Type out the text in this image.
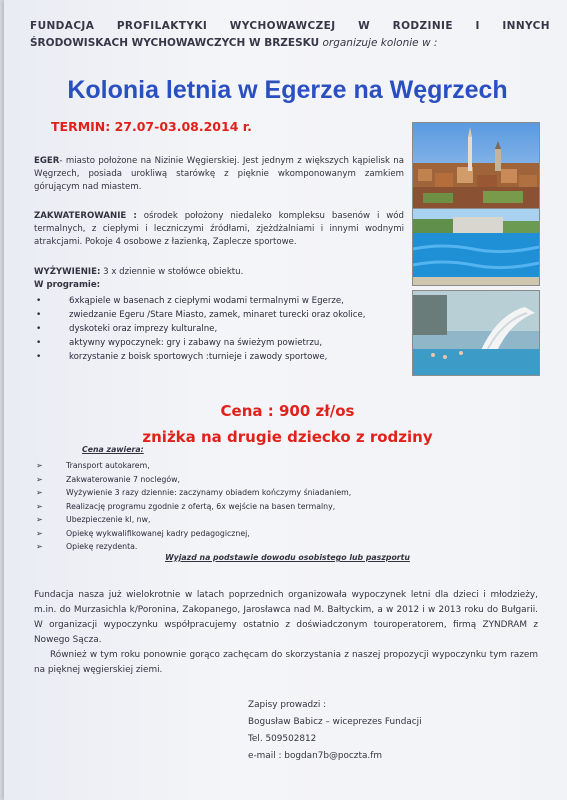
FUNDACJA PROFILAKTYKI WYCHOWAWCZEJ W RODZINIE I INNYCH
ŚRODOWISKACH WYCHOWAWCZYCH W BRZESKU organizuje kolonie w :
Kolonia letnia w Egerze na Węgrzech
TERMIN: 27.07-03.08.2014 r.
EGER- miasto położone na Nizinie Węgierskiej. Jest jednym z większych kąpielisk na Węgrzech, posiada urokliwą starówkę z pięknie wkomponowanym zamkiem górującym nad miastem.
ZAKWATEROWANIE : ośrodek położony niedaleko kompleksu basenów i wód termalnych, z ciepłymi i leczniczymi źródłami, zjeżdżalniami i innymi wodnymi atrakcjami. Pokoje 4 osobowe z łazienką, Zaplecze sportowe.
WYŻYWIENIE: 3 x dziennie w stołówce obiektu.
W programie:
• 6xkąpiele w basenach z ciepłymi wodami termalnymi w Egerze,
• zwiedzanie Egeru /Stare Miasto, zamek, minaret turecki oraz okolice,
• dyskoteki oraz imprezy kulturalne,
• aktywny wypoczynek: gry i zabawy na świeżym powietrzu,
• korzystanie z boisk sportowych :turnieje i zawody sportowe,
Cena : 900 zł/os
zniżka na drugie dziecko z rodziny
Cena zawiera:
➢ Transport autokarem,
➢ Zakwaterowanie 7 noclegów,
➢ Wyżywienie 3 razy dziennie: zaczynamy obiadem kończymy śniadaniem,
➢ Realizację programu zgodnie z ofertą, 6x wejście na basen termalny,
➢ Ubezpieczenie kl, nw,
➢ Opiekę wykwalifikowanej kadry pedagogicznej,
➢ Opiekę rezydenta.
Wyjazd na podstawie dowodu osobistego lub paszportu

Fundacja nasza już wielokrotnie w latach poprzednich organizowała wypoczynek letni dla dzieci i młodzieży, m.in. do Murzasichla k/Poronina, Zakopanego, Jarosławca nad M. Bałtyckim, a w 2012 i w 2013 roku do Bułgarii. W organizacji wypoczynku współpracujemy ostatnio z doświadczonym touroperatorem, firmą ZYNDRAM z Nowego Sącza.

Również w tym roku ponownie gorąco zachęcam do skorzystania z naszej propozycji wypoczynku tym razem na pięknej węgierskiej ziemi.

Zapisy prowadzi :
Bogusław Babicz – wiceprezes Fundacji
Tel. 509502812
e-mail : bogdan7b@poczta.fm
